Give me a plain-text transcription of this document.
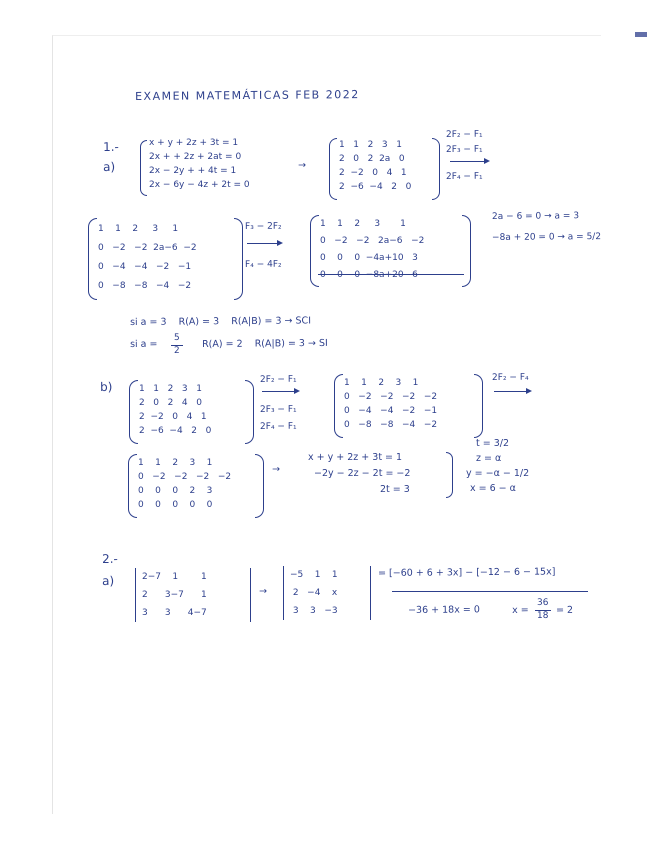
EXAMEN MATEMÁTICAS FEB 2022
1.-
a)
x + y + 2z + 3t = 1
2x + + 2z + 2at = 0
2x − 2y + + 4t = 1
2x − 6y − 4z + 2t = 0
→
1   1   2   3   1
2   0   2  2a   0
2  −2   0   4   1
2  −6  −4   2   0
2F₂ − F₁
2F₃ − F₁
2F₄ − F₁
1    1    2     3     1
0   −2   −2  2a−6  −2
0   −4   −4   −2   −1
0   −8   −8   −4   −2
F₃ − 2F₂
F₄ − 4F₂
1    1    2     3       1
0   −2   −2   2a−6   −2
0    0    0  −4a+10   3
0    0    0  −8a+20   6
2a − 6 = 0 → a = 3
−8a + 20 = 0 → a = 5/2
si a = 3    R(A) = 3    R(A|B) = 3 → SCI
si a =
5
2
R(A) = 2    R(A|B) = 3 → SI
b)	1   1   2   3   1
2   0   2   4   0
2  −2   0   4   1
2  −6  −4   2   0
2F₂ − F₁
2F₃ − F₁
2F₄ − F₁
1    1    2    3    1
0   −2   −2   −2   −2
0   −4   −4   −2   −1
0   −8   −8   −4   −2
2F₂ − F₄
1    1    2    3    1
0   −2   −2   −2   −2
0    0    0    2    3
0    0    0    0    0
→
x + y + 2z + 3t = 1
−2y − 2z − 2t = −2
2t = 3
t = 3/2
z = α
y = −α − 1/2
x = 6 − α
2.-
a)	2−7    1        1
2      3−7      1
3      3      4−7
→
−5    1    1
2   −4    x
3    3   −3
= [−60 + 6 + 3x] − [−12 − 6 − 15x]
−36 + 18x = 0	x =
36
18 = 2
